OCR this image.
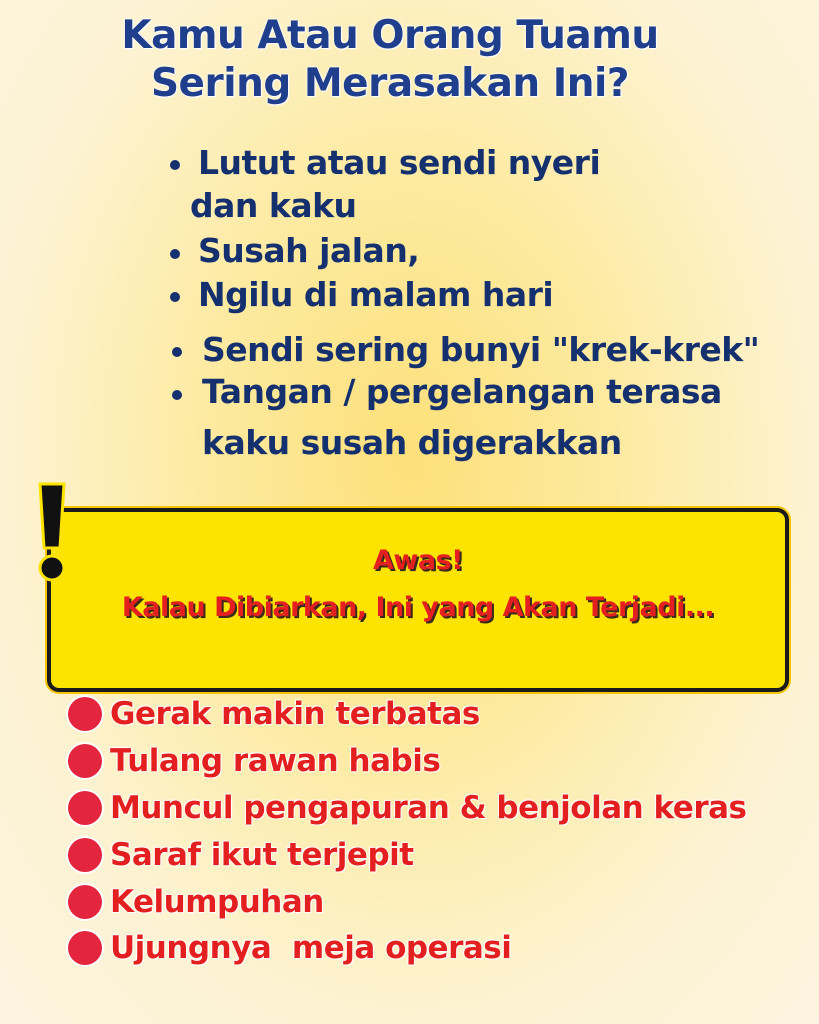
Kamu Atau Orang Tuamu
Sering Merasakan Ini?
Lutut atau sendi nyeri
dan kaku
Susah jalan,
Ngilu di malam hari
Sendi sering bunyi "krek-krek"
Tangan / pergelangan terasa
kaku susah digerakkan
Awas!
Kalau Dibiarkan, Ini yang Akan Terjadi...
Gerak makin terbatas
Tulang rawan habis
Muncul pengapuran & benjolan keras
Saraf ikut terjepit
Kelumpuhan
Ujungnya  meja operasi
